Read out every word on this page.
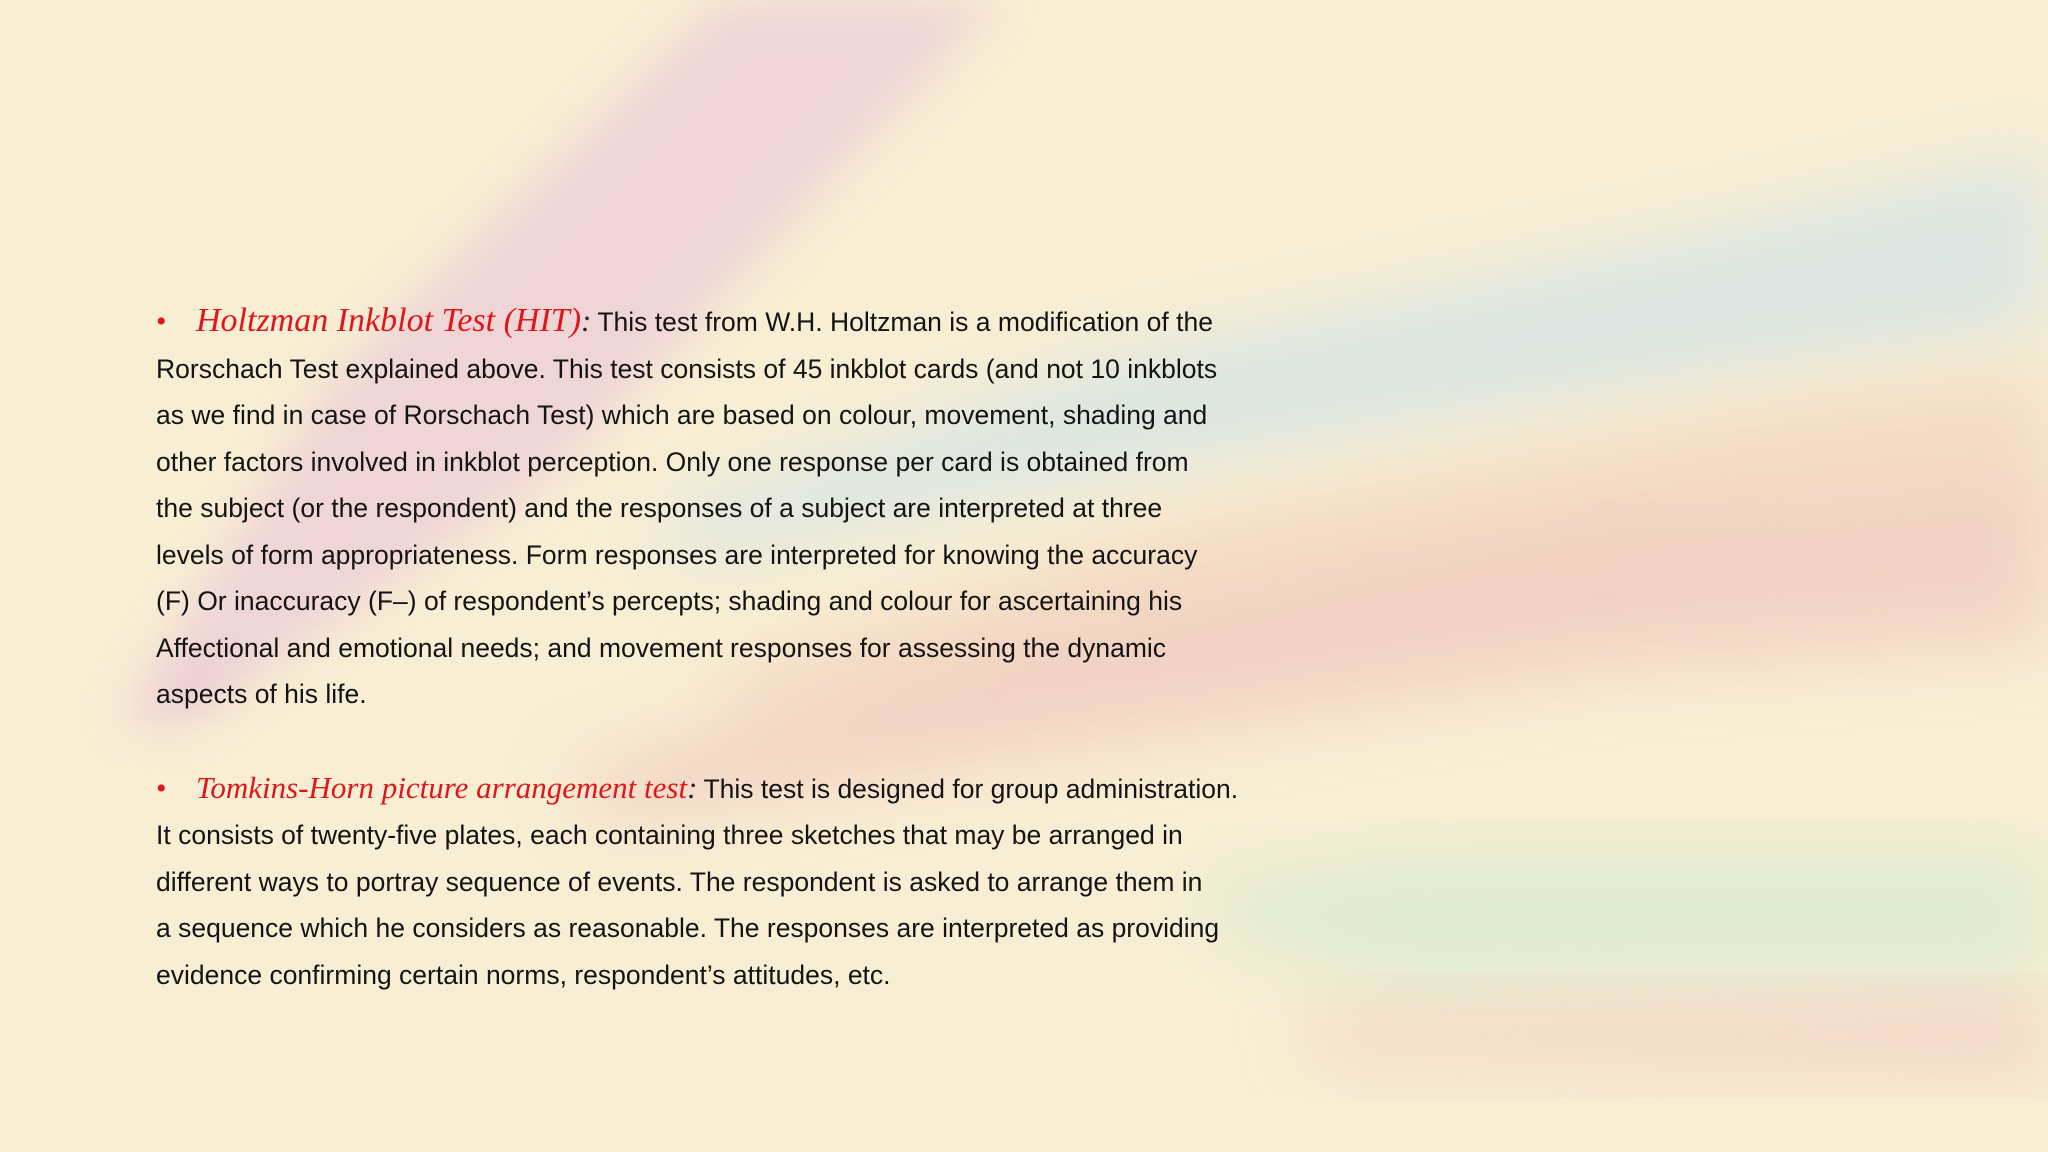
• Holtzman Inkblot Test (HIT): This test from W.H. Holtzman is a modification of the
Rorschach Test explained above. This test consists of 45 inkblot cards (and not 10 inkblots
as we find in case of Rorschach Test) which are based on colour, movement, shading and
other factors involved in inkblot perception. Only one response per card is obtained from
the subject (or the respondent) and the responses of a subject are interpreted at three
levels of form appropriateness. Form responses are interpreted for knowing the accuracy
(F) Or inaccuracy (F–) of respondent’s percepts; shading and colour for ascertaining his
Affectional and emotional needs; and movement responses for assessing the dynamic
aspects of his life.

• Tomkins-Horn picture arrangement test: This test is designed for group administration.
It consists of twenty-five plates, each containing three sketches that may be arranged in
different ways to portray sequence of events. The respondent is asked to arrange them in
a sequence which he considers as reasonable. The responses are interpreted as providing
evidence confirming certain norms, respondent’s attitudes, etc.
